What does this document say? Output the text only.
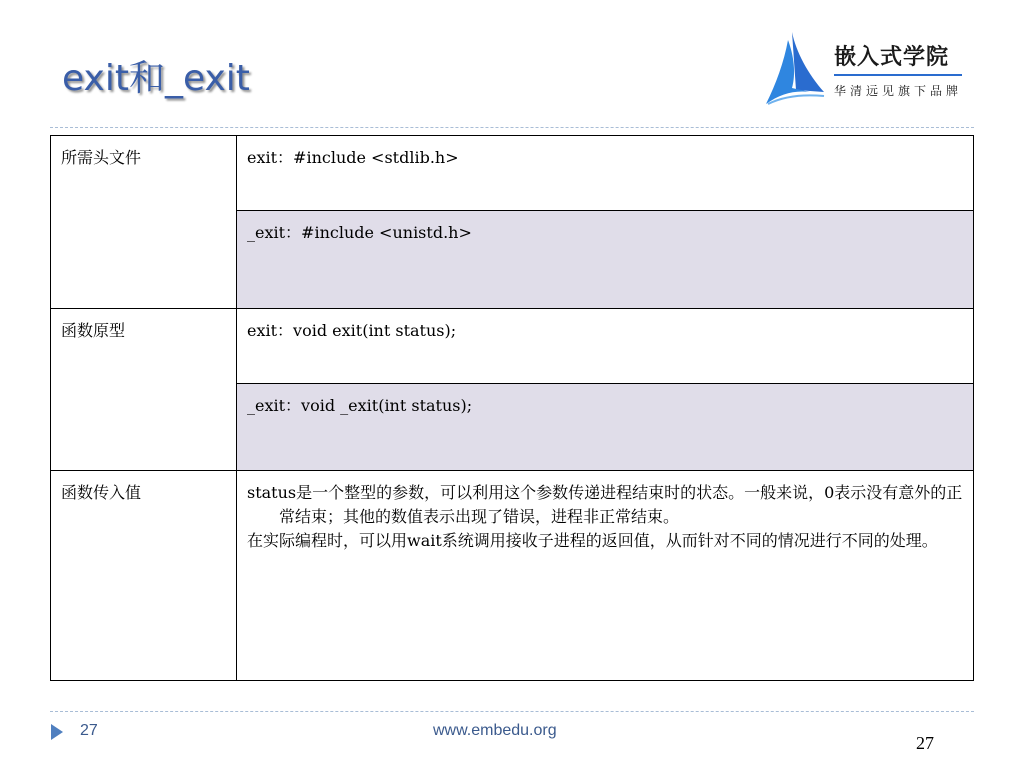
exit和_exit
嵌入式学院
华清远见旗下品牌
所需头文件	exit：#include <stdlib.h>
	_exit：#include <unistd.h>
函数原型	exit：void exit(int status);
	_exit：void _exit(int status);
函数传入值	status是一个整型的参数，可以利用这个参数传递进程结束时的状态。一般来说，0表示没有意外的正常结束；其他的数值表示出现了错误，进程非正常结束。

在实际编程时，可以用wait系统调用接收子进程的返回值，从而针对不同的情况进行不同的处理。

27	www.embedu.org
27
